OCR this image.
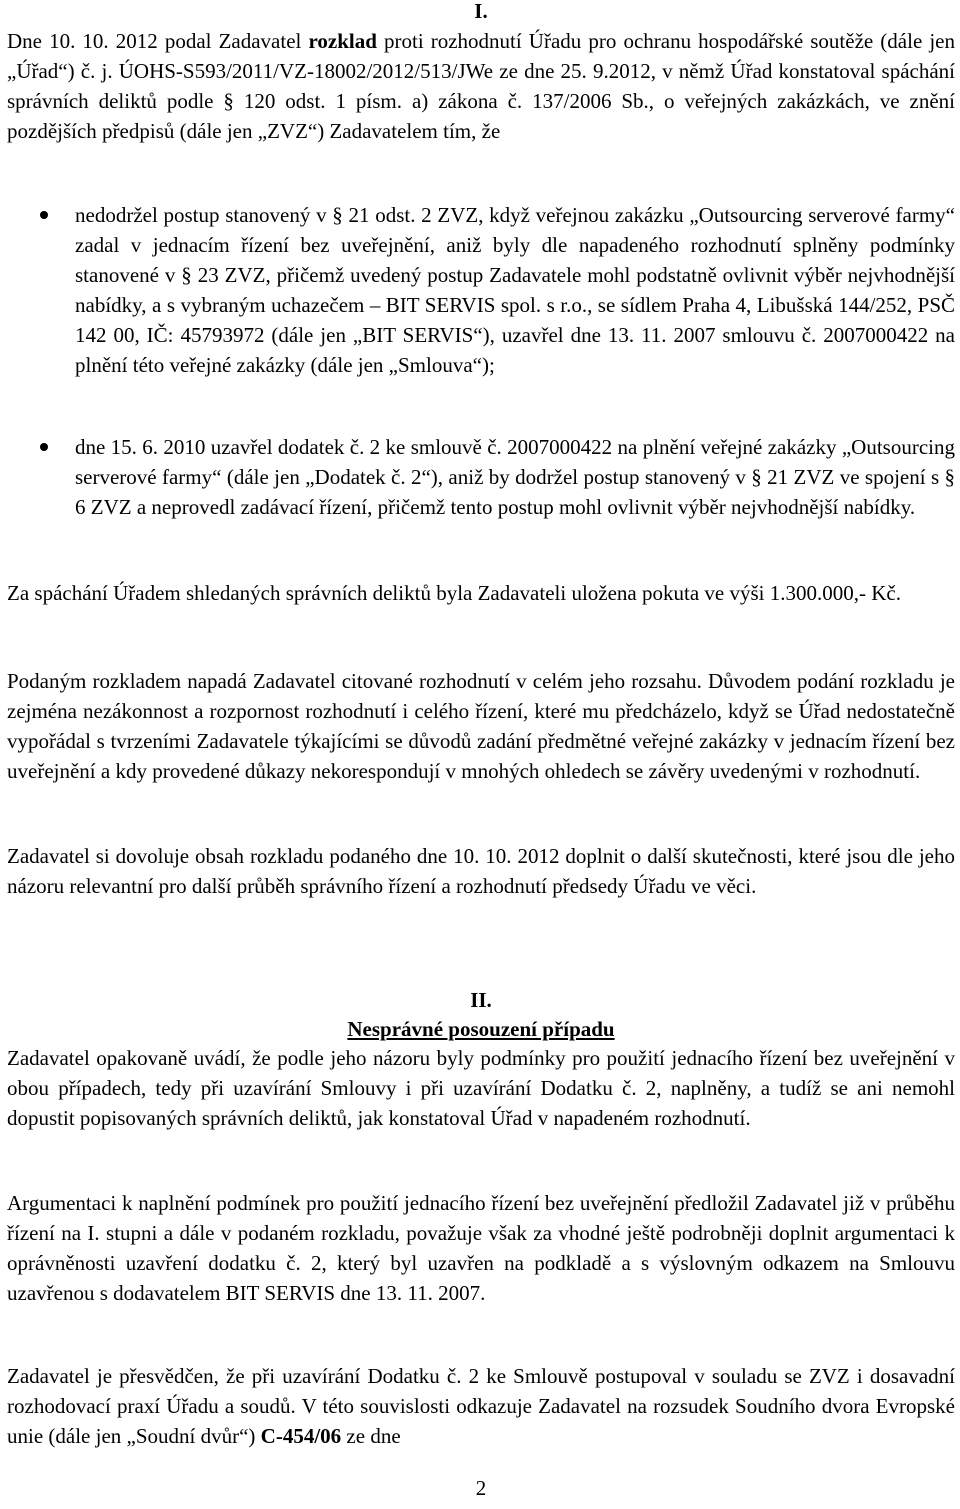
I.

Dne 10. 10. 2012 podal Zadavatel rozklad proti rozhodnutí Úřadu pro ochranu hospodářské soutěže (dále jen „Úřad“) č. j. ÚOHS-S593/2011/VZ-18002/2012/513/JWe ze dne 25. 9.2012, v němž Úřad konstatoval spáchání správních deliktů podle § 120 odst. 1 písm. a) zákona č. 137/2006 Sb., o veřejných zakázkách, ve znění pozdějších předpisů (dále jen „ZVZ“) Zadavatelem tím, že

nedodržel postup stanovený v § 21 odst. 2 ZVZ, když veřejnou zakázku „Outsourcing serverové farmy“ zadal v jednacím řízení bez uveřejnění, aniž byly dle napadeného rozhodnutí splněny podmínky stanovené v § 23 ZVZ, přičemž uvedený postup Zadavatele mohl podstatně ovlivnit výběr nejvhodnější nabídky, a s vybraným uchazečem – BIT SERVIS spol. s r.o., se sídlem Praha 4, Libušská 144/252, PSČ 142 00, IČ: 45793972 (dále jen „BIT SERVIS“), uzavřel dne 13. 11. 2007 smlouvu č. 2007000422 na plnění této veřejné zakázky (dále jen „Smlouva“);

dne 15. 6. 2010 uzavřel dodatek č. 2 ke smlouvě č. 2007000422 na plnění veřejné zakázky „Outsourcing serverové farmy“ (dále jen „Dodatek č. 2“), aniž by dodržel postup stanovený v § 21 ZVZ ve spojení s § 6 ZVZ a neprovedl zadávací řízení, přičemž tento postup mohl ovlivnit výběr nejvhodnější nabídky.

Za spáchání Úřadem shledaných správních deliktů byla Zadavateli uložena pokuta ve výši 1.300.000,- Kč.

Podaným rozkladem napadá Zadavatel citované rozhodnutí v celém jeho rozsahu. Důvodem podání rozkladu je zejména nezákonnost a rozpornost rozhodnutí i celého řízení, které mu předcházelo, když se Úřad nedostatečně vypořádal s tvrzeními Zadavatele týkajícími se důvodů zadání předmětné veřejné zakázky v jednacím řízení bez uveřejnění a kdy provedené důkazy nekorespondují v mnohých ohledech se závěry uvedenými v rozhodnutí.

Zadavatel si dovoluje obsah rozkladu podaného dne 10. 10. 2012 doplnit o další skutečnosti, které jsou dle jeho názoru relevantní pro další průběh správního řízení a rozhodnutí předsedy Úřadu ve věci.

II.

Nesprávné posouzení případu

Zadavatel opakovaně uvádí, že podle jeho názoru byly podmínky pro použití jednacího řízení bez uveřejnění v obou případech, tedy při uzavírání Smlouvy i při uzavírání Dodatku č. 2, naplněny, a tudíž se ani nemohl dopustit popisovaných správních deliktů, jak konstatoval Úřad v napadeném rozhodnutí.

Argumentaci k naplnění podmínek pro použití jednacího řízení bez uveřejnění předložil Zadavatel již v průběhu řízení na I. stupni a dále v podaném rozkladu, považuje však za vhodné ještě podrobněji doplnit argumentaci k oprávněnosti uzavření dodatku č. 2, který byl uzavřen na podkladě a s výslovným odkazem na Smlouvu uzavřenou s dodavatelem BIT SERVIS dne 13. 11. 2007.

Zadavatel je přesvědčen, že při uzavírání Dodatku č. 2 ke Smlouvě postupoval v souladu se ZVZ i dosavadní rozhodovací praxí Úřadu a soudů. V této souvislosti odkazuje Zadavatel na rozsudek Soudního dvora Evropské unie (dále jen „Soudní dvůr“) C-454/06 ze dne

2
